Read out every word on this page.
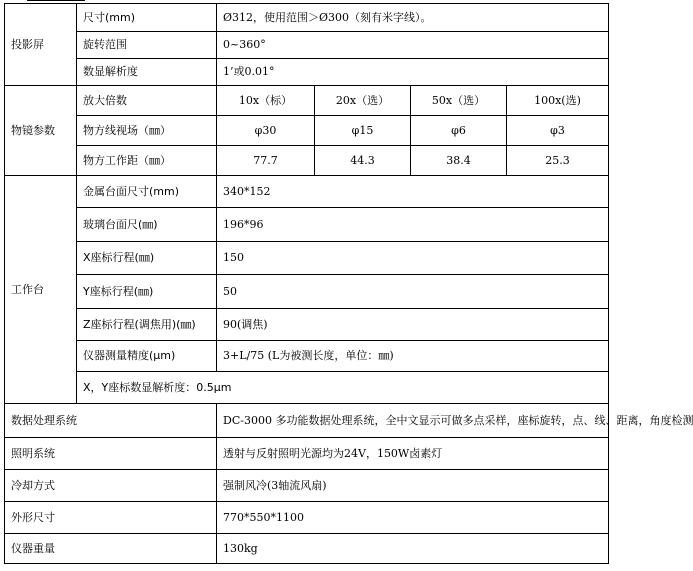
投影屏	尺寸(mm)	Ø312，使用范围＞Ø300（刻有米字线）。			
	旋转范围	0~360°			
	数显解析度	1’或0.01°			
物镜参数	放大倍数	10x（标）	20x（选）	50x（选）	100x(选)
	物方线视场（㎜）	φ30	φ15	φ6	φ3
	物方工作距（㎜）	77.7	44.3	38.4	25.3
工作台	金属台面尺寸(mm)	340*152			
	玻璃台面尺(㎜)	196*96			
	X座标行程(㎜)	150			
	Y座标行程(㎜)	50			
	Z座标行程(调焦用)(㎜)	90(调焦)			
	仪器测量精度(μm)	3+L/75 (L为被测长度，单位：㎜)			
	X，Y座标数显解析度：0.5μm				
数据处理系统		DC-3000 多功能数据处理系统，全中文显示可做多点采样，座标旋转，点、线、距离，角度检测			
照明系统		透射与反射照明光源均为24V，150W卤素灯			
冷却方式		强制风冷(3轴流风扇)			
外形尺寸		770*550*1100			
仪器重量		130kg			
